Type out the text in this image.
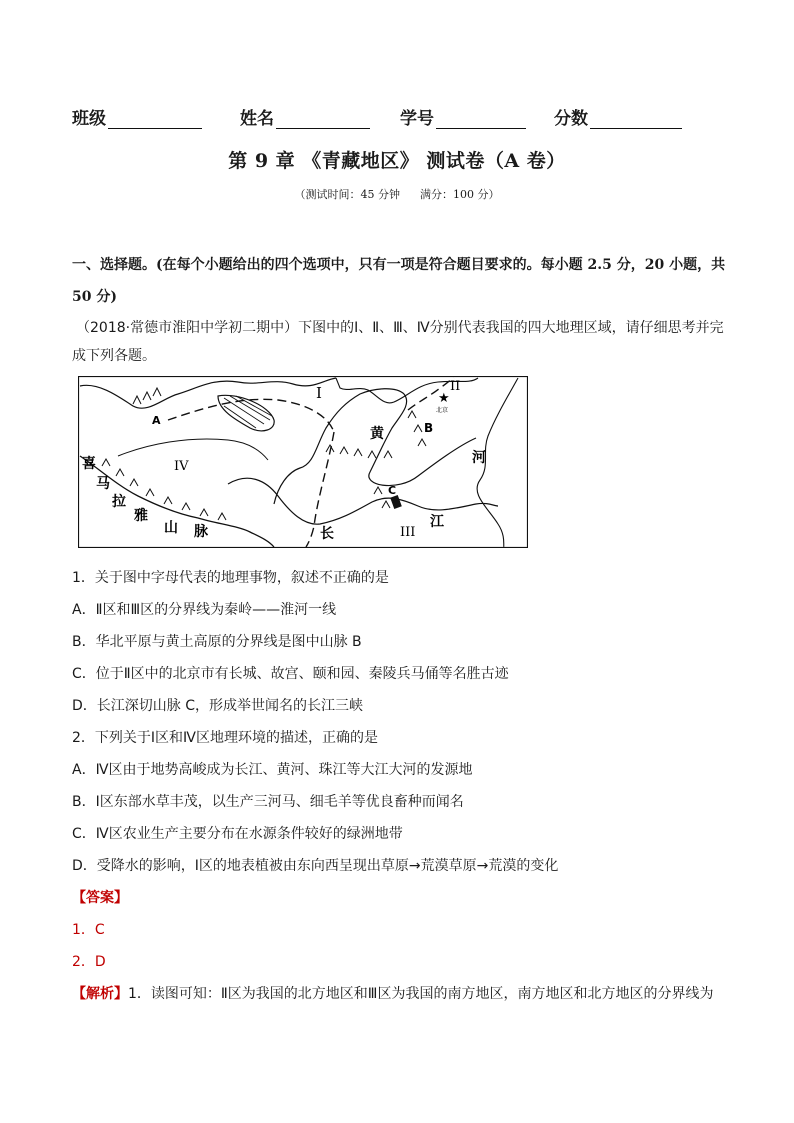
班级	姓名	学号	分数
第 9 章 《青藏地区》 测试卷（A 卷）
（测试时间：45 分钟 满分：100 分）
一、选择题。(在每个小题给出的四个选项中，只有一项是符合题目要求的。每小题 2.5 分，20 小题，共 50 分)
（2018·常德市淮阳中学初二期中）下图中的Ⅰ、Ⅱ、Ⅲ、Ⅳ分别代表我国的四大地理区域，请仔细思考并完成下列各题。
★
北京
I	II
III
IV
A
B
C
黄
河
长
江
喜
马
拉
雅
山 脉
1．关于图中字母代表的地理事物，叙述不正确的是
A．Ⅱ区和Ⅲ区的分界线为秦岭——淮河一线
B．华北平原与黄土高原的分界线是图中山脉 B
C．位于Ⅱ区中的北京市有长城、故宫、颐和园、秦陵兵马俑等名胜古迹
D．长江深切山脉 C，形成举世闻名的长江三峡
2．下列关于Ⅰ区和Ⅳ区地理环境的描述，正确的是
A．Ⅳ区由于地势高峻成为长江、黄河、珠江等大江大河的发源地
B．Ⅰ区东部水草丰茂，以生产三河马、细毛羊等优良畜种而闻名
C．Ⅳ区农业生产主要分布在水源条件较好的绿洲地带
D．受降水的影响，Ⅰ区的地表植被由东向西呈现出草原→荒漠草原→荒漠的变化
【答案】
1．C
2．D
【解析】1．读图可知：Ⅱ区为我国的北方地区和Ⅲ区为我国的南方地区，南方地区和北方地区的分界线为
